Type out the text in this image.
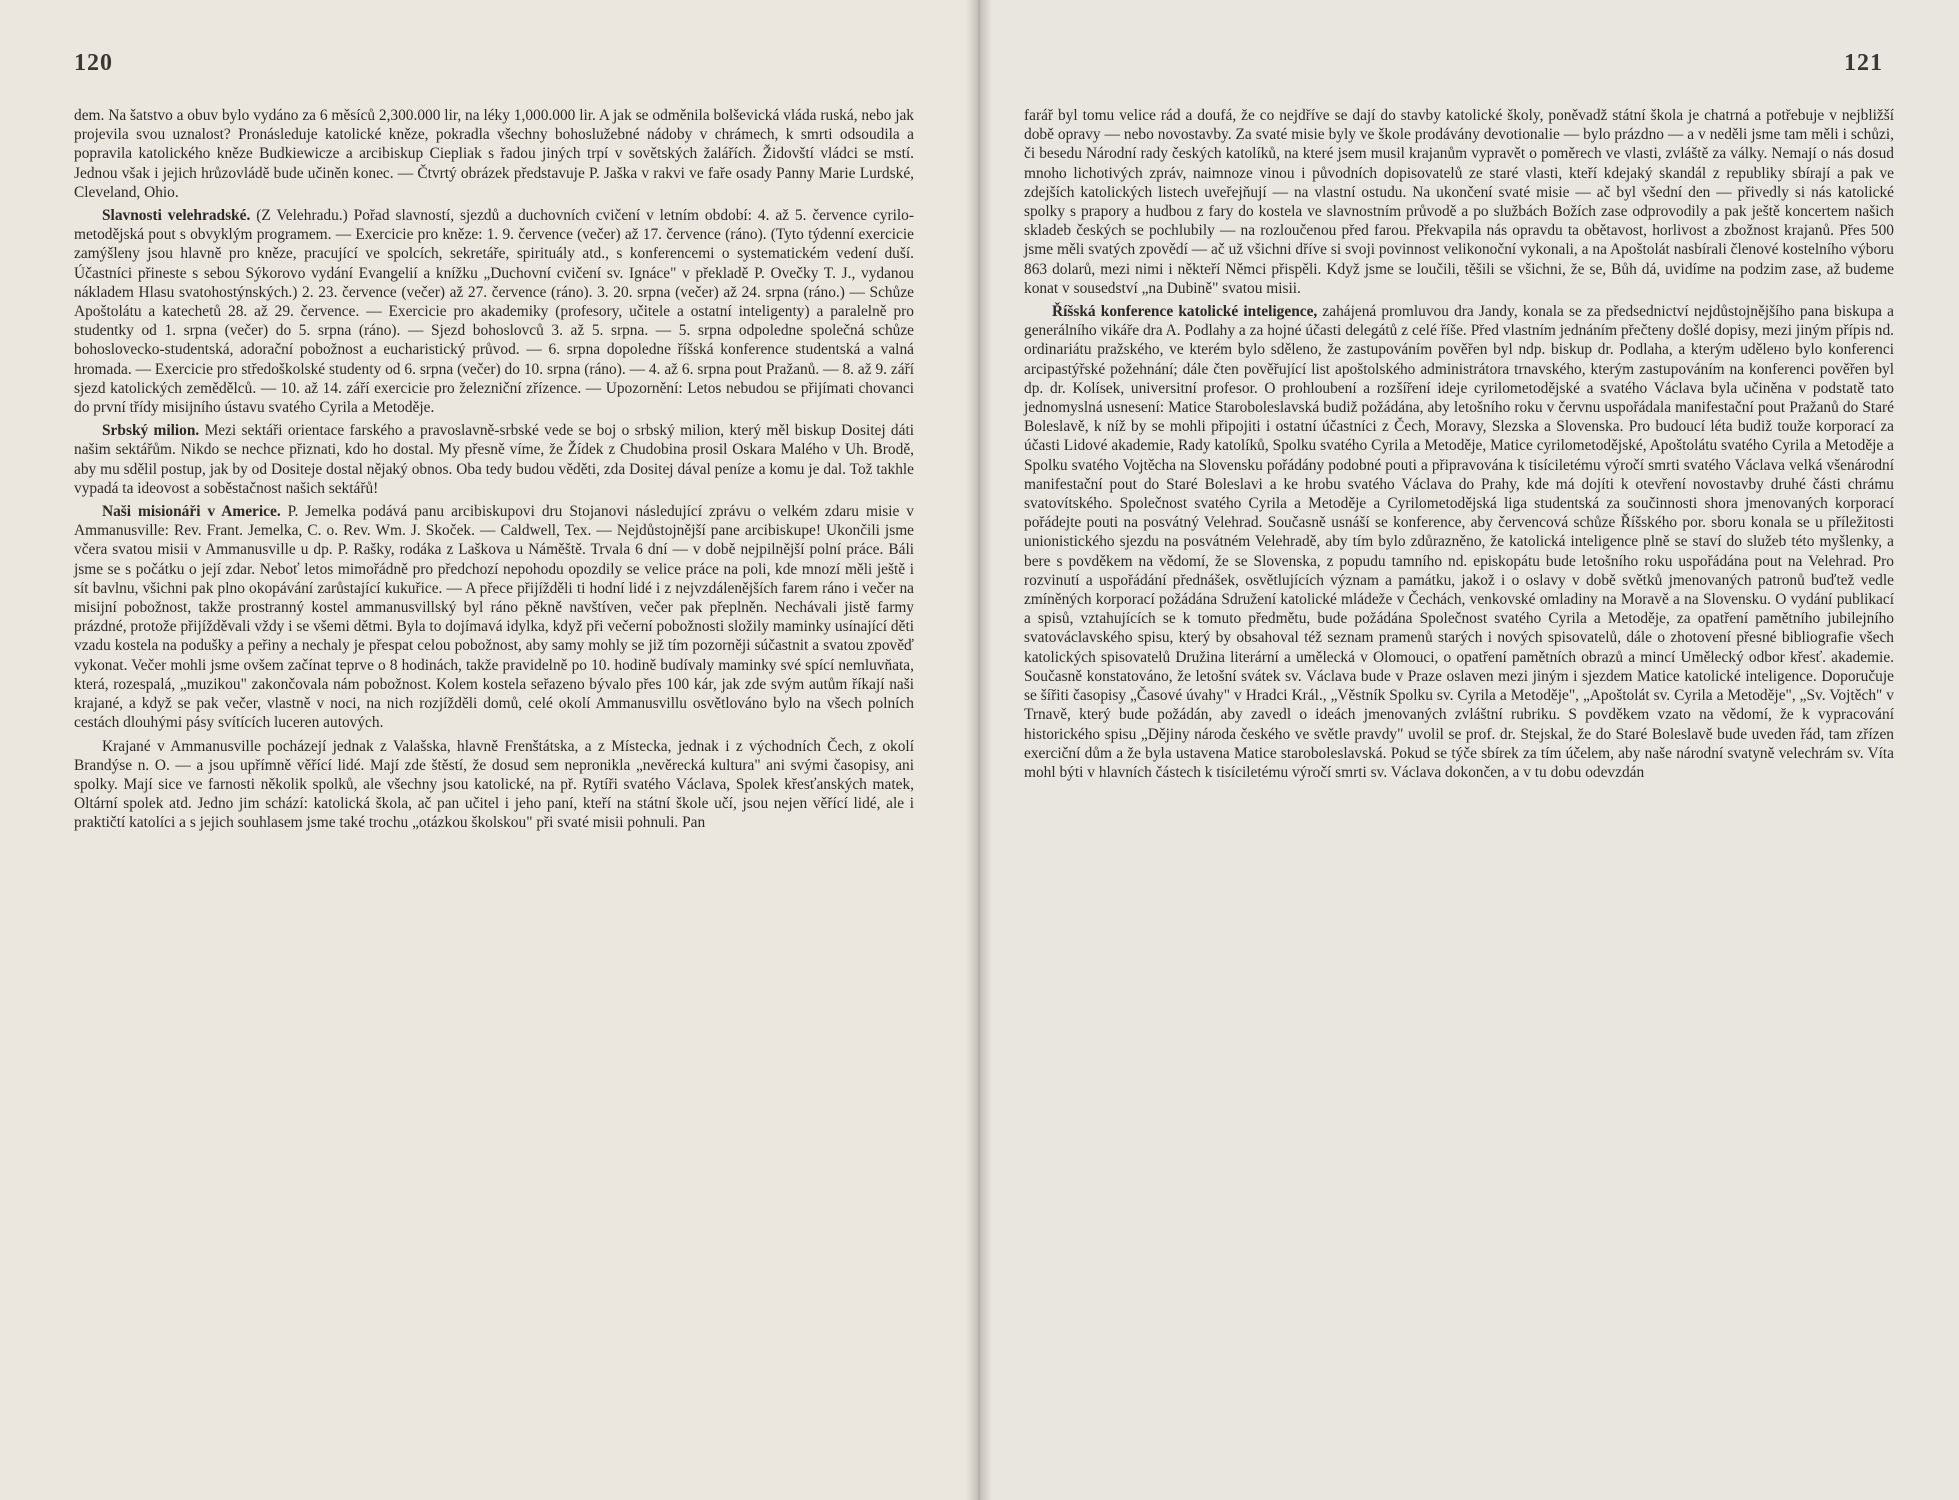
120

dem. Na šatstvo a obuv bylo vydáno za 6 měsíců 2,300.000 lir, na léky 1,000.000 lir. A jak se odměnila bolševická vláda ruská, nebo jak projevila svou uznalost? Pronásleduje katolické kněze, pokradla všechny bohoslužebné nádoby v chrámech, k smrti odsoudila a popravila katolického kněze Budkiewicze a arcibiskup Ciepliak s řadou jiných trpí v sovětských žalářích. Židovští vládci se mstí. Jednou však i jejich hrůzovládě bude učiněn konec. — Čtvrtý obrázek představuje P. Jaška v rakvi ve faře osady Panny Marie Lurdské, Cleveland, Ohio.

Slavnosti velehradské. (Z Velehradu.) Pořad slavností, sjezdů a duchovních cvičení v letním období: 4. až 5. července cyrilo-metodějská pout s obvyklým programem. — Exercicie pro kněze: 1. 9. července (večer) až 17. července (ráno). (Tyto týdenní exercicie zamýšleny jsou hlavně pro kněze, pracující ve spolcích, sekretáře, spirituály atd., s konferencemi o systematickém vedení duší. Účastníci přineste s sebou Sýkorovo vydání Evangelií a knížku „Duchovní cvičení sv. Ignáce" v překladě P. Ovečky T. J., vydanou nákladem Hlasu svatohostýnských.) 2. 23. července (večer) až 27. července (ráno). 3. 20. srpna (večer) až 24. srpna (ráno.) — Schůze Apoštolátu a katechetů 28. až 29. července. — Exercicie pro akademiky (profesory, učitele a ostatní inteligenty) a paralelně pro studentky od 1. srpna (večer) do 5. srpna (ráno). — Sjezd bohoslovců 3. až 5. srpna. — 5. srpna odpoledne společná schůze bohoslovecko-studentská, adorační pobožnost a eucharistický průvod. — 6. srpna dopoledne říšská konference studentská a valná hromada. — Exercicie pro středoškolské studenty od 6. srpna (večer) do 10. srpna (ráno). — 4. až 6. srpna pout Pražanů. — 8. až 9. září sjezd katolických zemědělců. — 10. až 14. září exercicie pro železniční zřízence. — Upozornění: Letos nebudou se přijímati chovanci do první třídy misijního ústavu svatého Cyrila a Metoděje.

Srbský milion. Mezi sektáři orientace farského a pravoslavně-srbské vede se boj o srbský milion, který měl biskup Dositej dáti našim sektářům. Nikdo se nechce přiznati, kdo ho dostal. My přesně víme, že Žídek z Chudobina prosil Oskara Malého v Uh. Brodě, aby mu sdělil postup, jak by od Dositeje dostal nějaký obnos. Oba tedy budou věděti, zda Dositej dával peníze a komu je dal. Tož takhle vypadá ta ideovost a soběstačnost našich sektářů!

Naši misionáři v Americe. P. Jemelka podává panu arcibiskupovi dru Stojanovi následující zprávu o velkém zdaru misie v Ammanusville: Rev. Frant. Jemelka, C. o. Rev. Wm. J. Skoček. — Caldwell, Tex. — Nejdůstojnější pane arcibiskupe! Ukončili jsme včera svatou misii v Ammanusville u dp. P. Rašky, rodáka z Laškova u Náměště. Trvala 6 dní — v době nejpilnější polní práce. Báli jsme se s počátku o její zdar. Neboť letos mimořádně pro předchozí nepohodu opozdily se velice práce na poli, kde mnozí měli ještě i sít bavlnu, všichni pak plno okopávání zarůstající kukuřice. — A přece přijížděli ti hodní lidé i z nejvzdálenějších farem ráno i večer na misijní pobožnost, takže prostranný kostel ammanusvillský byl ráno pěkně navštíven, večer pak přeplněn. Nechávali jistě farmy prázdné, protože přijížděvali vždy i se všemi dětmi. Byla to dojímavá idylka, když při večerní pobožnosti složily maminky usínající děti vzadu kostela na podušky a peřiny a nechaly je přespat celou pobožnost, aby samy mohly se již tím pozorněji súčastnit a svatou zpověď vykonat. Večer mohli jsme ovšem začínat teprve o 8 hodinách, takže pravidelně po 10. hodině budívaly maminky své spící nemluvňata, která, rozespalá, „muzikou" zakončovala nám pobožnost. Kolem kostela seřazeno bývalo přes 100 kár, jak zde svým autům říkají naši krajané, a když se pak večer, vlastně v noci, na nich rozjížděli domů, celé okolí Ammanusvillu osvětlováno bylo na všech polních cestách dlouhými pásy svítících luceren autových.

Krajané v Ammanusville pocházejí jednak z Valašska, hlavně Frenštátska, a z Místecka, jednak i z východních Čech, z okolí Brandýse n. O. — a jsou upřímně věřící lidé. Mají zde štěstí, že dosud sem nepronikla „nevěrecká kultura" ani svými časopisy, ani spolky. Mají sice ve farnosti několik spolků, ale všechny jsou katolické, na př. Rytíři svatého Václava, Spolek křesťanských matek, Oltární spolek atd. Jedno jim schází: katolická škola, ač pan učitel i jeho paní, kteří na státní škole učí, jsou nejen věřící lidé, ale i praktičtí katolíci a s jejich souhlasem jsme také trochu „otázkou školskou" při svaté misii pohnuli. Pan

121

farář byl tomu velice rád a doufá, že co nejdříve se dají do stavby katolické školy, poněvadž státní škola je chatrná a potřebuje v nejbližší době opravy — nebo novostavby. Za svaté misie byly ve škole prodávány devotionalie — bylo prázdno — a v neděli jsme tam měli i schůzi, či besedu Národní rady českých katolíků, na které jsem musil krajanům vypravět o poměrech ve vlasti, zvláště za války. Nemají o nás dosud mnoho lichotivých zpráv, naimnoze vinou i původních dopisovatelů ze staré vlasti, kteří kdejaký skandál z republiky sbírají a pak ve zdejších katolických listech uveřejňují — na vlastní ostudu. Na ukončení svaté misie — ač byl všední den — přivedly si nás katolické spolky s prapory a hudbou z fary do kostela ve slavnostním průvodě a po službách Božích zase odprovodily a pak ještě koncertem našich skladeb českých se pochlubily — na rozloučenou před farou. Překvapila nás opravdu ta obětavost, horlivost a zbožnost krajanů. Přes 500 jsme měli svatých zpovědí — ač už všichni dříve si svoji povinnost velikonoční vykonali, a na Apoštolát nasbírali členové kostelního výboru 863 dolarů, mezi nimi i někteří Němci přispěli. Když jsme se loučili, těšili se všichni, že se, Bůh dá, uvidíme na podzim zase, až budeme konat v sousedství „na Dubině" svatou misii.

Říšská konference katolické inteligence, zahájená promluvou dra Jandy, konala se za předsednictví nejdůstojnějšího pana biskupa a generálního vikáře dra A. Podlahy a za hojné účasti delegátů z celé říše. Před vlastním jednáním přečteny došlé dopisy, mezi jiným přípis nd. ordinariátu pražského, ve kterém bylo sděleno, že zastupováním pověřen byl ndp. biskup dr. Podlaha, a kterým udělено bylo konferenci arcipastýřské požehnání; dále čten pověřující list apoštolského administrátora trnavského, kterým zastupováním na konferenci pověřen byl dp. dr. Kolísek, universitní profesor. O prohloubení a rozšíření ideje cyrilometodějské a svatého Václava byla učiněna v podstatě tato jednomyslná usnesení: Matice Staroboleslavská budiž požádána, aby letošního roku v červnu uspořádala manifestační pout Pražanů do Staré Boleslavě, k níž by se mohli připojiti i ostatní účastníci z Čech, Moravy, Slezska a Slovenska. Pro budoucí léta budiž touže korporací za účasti Lidové akademie, Rady katolíků, Spolku svatého Cyrila a Metoděje, Matice cyrilometodějské, Apoštolátu svatého Cyrila a Metoděje a Spolku svatého Vojtěcha na Slovensku pořádány podobné pouti a připravována k tisíciletému výročí smrti svatého Václava velká všenárodní manifestační pout do Staré Boleslavi a ke hrobu svatého Václava do Prahy, kde má dojíti k otevření novostavby druhé části chrámu svatovítského. Společnost svatého Cyrila a Metoděje a Cyrilometodějská liga studentská za součinnosti shora jmenovaných korporací pořádejte pouti na posvátný Velehrad. Současně usnáší se konference, aby červencová schůze Říšského por. sboru konala se u příležitosti unionistického sjezdu na posvátném Velehradě, aby tím bylo zdůrazněno, že katolická inteligence plně se staví do služeb této myšlenky, a bere s povděkem na vědomí, že se Slovenska, z popudu tamního nd. episkopátu bude letošního roku uspořádána pout na Velehrad. Pro rozvinutí a uspořádání přednášek, osvětlujících význam a památku, jakož i o oslavy v době světků jmenovaných patronů buďtež vedle zmíněných korporací požádána Sdružení katolické mládeže v Čechách, venkovské omladiny na Moravě a na Slovensku. O vydání publikací a spisů, vztahujících se k tomuto předmětu, bude požádána Společnost svatého Cyrila a Metoděje, za opatření pamětního jubilejního svatováclavského spisu, který by obsahoval též seznam pramenů starých i nových spisovatelů, dále o zhotovení přesné bibliografie všech katolických spisovatelů Družina literární a umělecká v Olomouci, o opatření pamětních obrazů a mincí Umělecký odbor křesť. akademie. Současně konstatováno, že letošní svátek sv. Václava bude v Praze oslaven mezi jiným i sjezdem Matice katolické inteligence. Doporučuje se šířiti časopisy „Časové úvahy" v Hradci Král., „Věstník Spolku sv. Cyrila a Metoděje", „Apoštolát sv. Cyrila a Metoděje", „Sv. Vojtěch" v Trnavě, který bude požádán, aby zavedl o ideách jmenovaných zvláštní rubriku. S povděkem vzato na vědomí, že k vypracování historického spisu „Dějiny národa českého ve světle pravdy" uvolil se prof. dr. Stejskal, že do Staré Boleslavě bude uveden řád, tam zřízen exerciční dům a že byla ustavena Matice staroboleslavská. Pokud se týče sbírek za tím účelem, aby naše národní svatyně velechrám sv. Víta mohl býti v hlavních částech k tisíciletému výročí smrti sv. Václava dokončen, a v tu dobu odevzdán
